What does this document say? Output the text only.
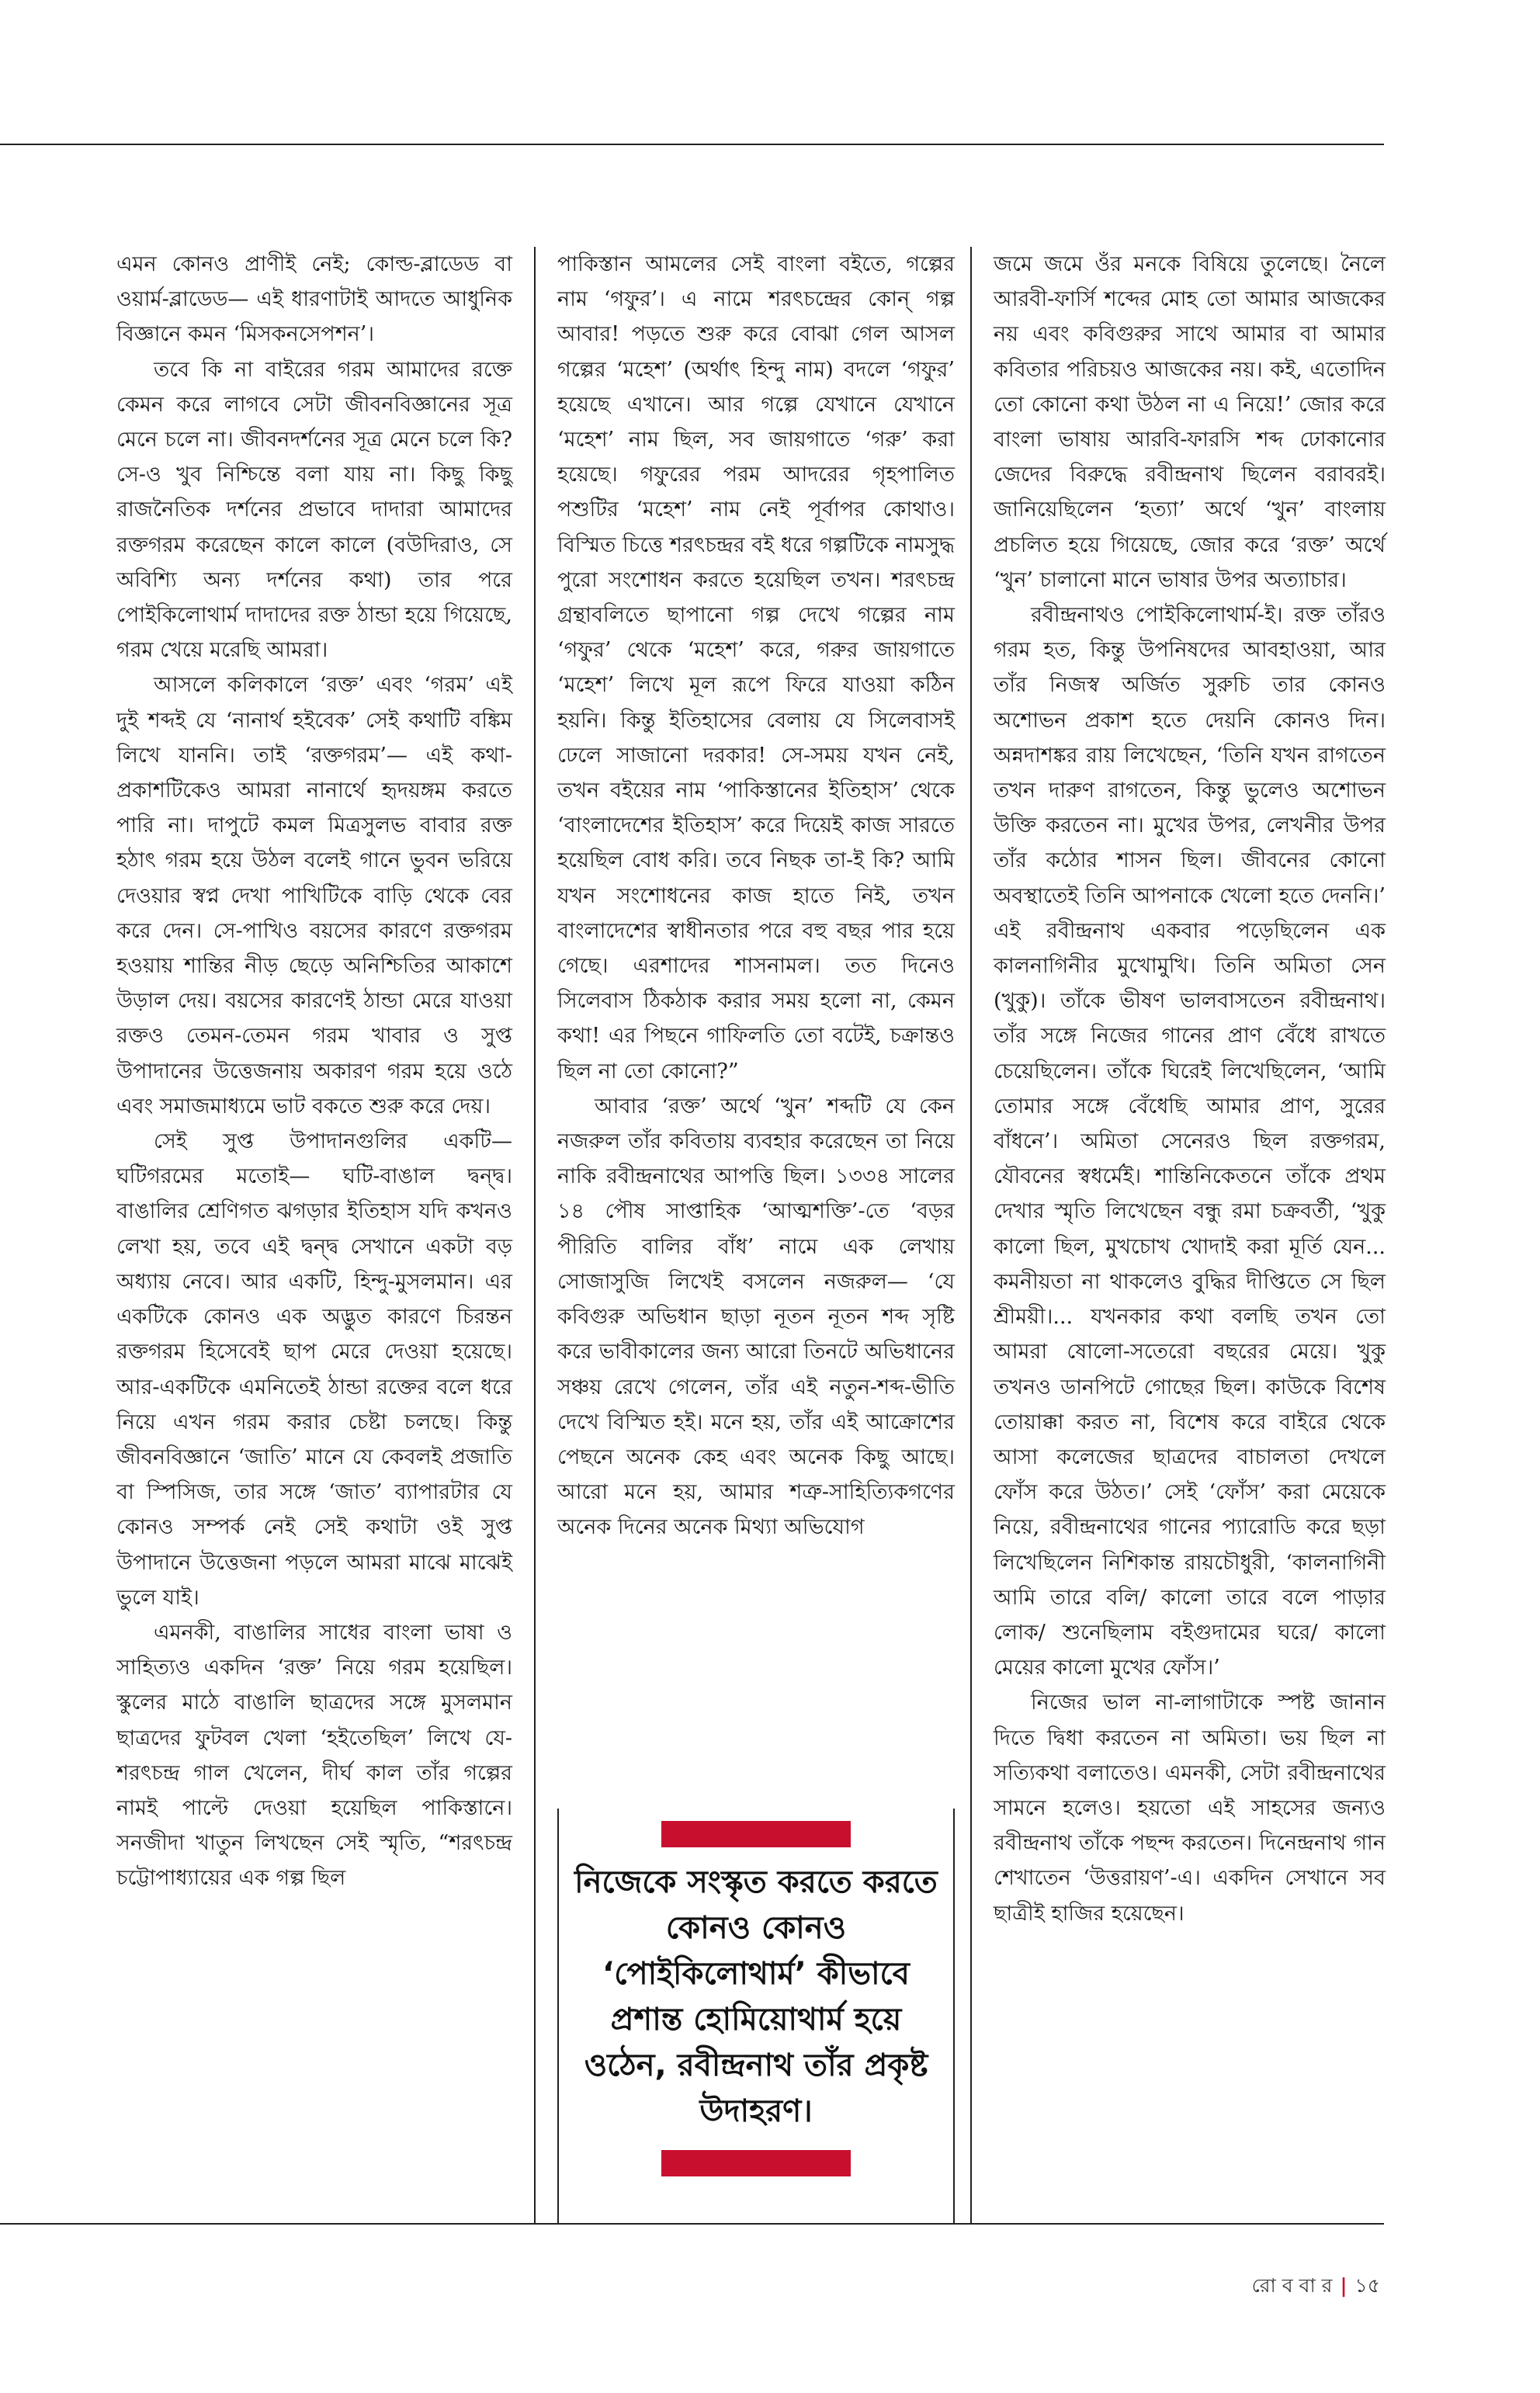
এমন কোনও প্রাণীই নেই; কোল্ড-ব্লাডেড বা ওয়ার্ম-ব্লাডেড— এই ধারণাটাই আদতে আধুনিক বিজ্ঞানে কমন ‘মিসকনসেপশন’।

তবে কি না বাইরের গরম আমাদের রক্তে কেমন করে লাগবে সেটা জীবনবিজ্ঞানের সূত্র মেনে চলে না। জীবনদর্শনের সূত্র মেনে চলে কি? সে-ও খুব নিশ্চিন্তে বলা যায় না। কিছু কিছু রাজনৈতিক দর্শনের প্রভাবে দাদারা আমাদের রক্তগরম করেছেন কালে কালে (বউদিরাও, সে অবিশ্যি অন্য দর্শনের কথা) তার পরে পোইকিলোথার্ম দাদাদের রক্ত ঠান্ডা হয়ে গিয়েছে, গরম খেয়ে মরেছি আমরা।

আসলে কলিকালে ‘রক্ত’ এবং ‘গরম’ এই দুই শব্দই যে ‘নানার্থ হইবেক’ সেই কথাটি বঙ্কিম লিখে যাননি। তাই ‘রক্তগরম’— এই কথা-প্রকাশটিকেও আমরা নানার্থে হৃদয়ঙ্গম করতে পারি না। দাপুটে কমল মিত্রসুলভ বাবার রক্ত হঠাৎ গরম হয়ে উঠল বলেই গানে ভুবন ভরিয়ে দেওয়ার স্বপ্ন দেখা পাখিটিকে বাড়ি থেকে বের করে দেন। সে-পাখিও বয়সের কারণে রক্তগরম হওয়ায় শান্তির নীড় ছেড়ে অনিশ্চিতির আকাশে উড়াল দেয়। বয়সের কারণেই ঠান্ডা মেরে যাওয়া রক্তও তেমন-তেমন গরম খাবার ও সুপ্ত উপাদানের উত্তেজনায় অকারণ গরম হয়ে ওঠে এবং সমাজমাধ্যমে ভাট বকতে শুরু করে দেয়।

সেই সুপ্ত উপাদানগুলির একটি— ঘটিগরমের মতোই— ঘটি-বাঙাল দ্বন্দ্ব। বাঙালির শ্রেণিগত ঝগড়ার ইতিহাস যদি কখনও লেখা হয়, তবে এই দ্বন্দ্ব সেখানে একটা বড় অধ্যায় নেবে। আর একটি, হিন্দু-মুসলমান। এর একটিকে কোনও এক অদ্ভুত কারণে চিরন্তন রক্তগরম হিসেবেই ছাপ মেরে দেওয়া হয়েছে। আর-একটিকে এমনিতেই ঠান্ডা রক্তের বলে ধরে নিয়ে এখন গরম করার চেষ্টা চলছে। কিন্তু জীবনবিজ্ঞানে ‘জাতি’ মানে যে কেবলই প্রজাতি বা স্পিসিজ, তার সঙ্গে ‘জাত’ ব্যাপারটার যে কোনও সম্পর্ক নেই সেই কথাটা ওই সুপ্ত উপাদানে উত্তেজনা পড়লে আমরা মাঝে মাঝেই ভুলে যাই।

এমনকী, বাঙালির সাধের বাংলা ভাষা ও সাহিত্যও একদিন ‘রক্ত’ নিয়ে গরম হয়েছিল। স্কুলের মাঠে বাঙালি ছাত্রদের সঙ্গে মুসলমান ছাত্রদের ফুটবল খেলা ‘হইতেছিল’ লিখে যে-শরৎচন্দ্র গাল খেলেন, দীর্ঘ কাল তাঁর গল্পের নামই পাল্টে দেওয়া হয়েছিল পাকিস্তানে। সনজীদা খাতুন লিখছেন সেই স্মৃতি, “শরৎচন্দ্র চট্টোপাধ্যায়ের এক গল্প ছিল

পাকিস্তান আমলের সেই বাংলা বইতে, গল্পের নাম ‘গফুর’। এ নামে শরৎচন্দ্রের কোন্ গল্প আবার! পড়তে শুরু করে বোঝা গেল আসল গল্পের ‘মহেশ’ (অর্থাৎ হিন্দু নাম) বদলে ‘গফুর’ হয়েছে এখানে। আর গল্পে যেখানে যেখানে ‘মহেশ’ নাম ছিল, সব জায়গাতে ‘গরু’ করা হয়েছে। গফুরের পরম আদরের গৃহপালিত পশুটির ‘মহেশ’ নাম নেই পূর্বাপর কোথাও। বিস্মিত চিত্তে শরৎচন্দ্রর বই ধরে গল্পটিকে নামসুদ্ধ পুরো সংশোধন করতে হয়েছিল তখন। শরৎচন্দ্র গ্রন্থাবলিতে ছাপানো গল্প দেখে গল্পের নাম ‘গফুর’ থেকে ‘মহেশ’ করে, গরুর জায়গাতে ‘মহেশ’ লিখে মূল রূপে ফিরে যাওয়া কঠিন হয়নি। কিন্তু ইতিহাসের বেলায় যে সিলেবাসই ঢেলে সাজানো দরকার! সে-সময় যখন নেই, তখন বইয়ের নাম ‘পাকিস্তানের ইতিহাস’ থেকে ‘বাংলাদেশের ইতিহাস’ করে দিয়েই কাজ সারতে হয়েছিল বোধ করি। তবে নিছক তা-ই কি? আমি যখন সংশোধনের কাজ হাতে নিই, তখন বাংলাদেশের স্বাধীনতার পরে বহু বছর পার হয়ে গেছে। এরশাদের শাসনামল। তত দিনেও সিলেবাস ঠিকঠাক করার সময় হলো না, কেমন কথা! এর পিছনে গাফিলতি তো বটেই, চক্রান্তও ছিল না তো কোনো?”

আবার ‘রক্ত’ অর্থে ‘খুন’ শব্দটি যে কেন নজরুল তাঁর কবিতায় ব্যবহার করেছেন তা নিয়ে নাকি রবীন্দ্রনাথের আপত্তি ছিল। ১৩৩৪ সালের ১৪ পৌষ সাপ্তাহিক ‘আত্মশক্তি’-তে ‘বড়র পীরিতি বালির বাঁধ’ নামে এক লেখায় সোজাসুজি লিখেই বসলেন নজরুল— ‘যে কবিগুরু অভিধান ছাড়া নূতন নূতন শব্দ সৃষ্টি করে ভাবীকালের জন্য আরো তিনটে অভিধানের সঞ্চয় রেখে গেলেন, তাঁর এই নতুন-শব্দ-ভীতি দেখে বিস্মিত হই। মনে হয়, তাঁর এই আক্রোশের পেছনে অনেক কেহ এবং অনেক কিছু আছে। আরো মনে হয়, আমার শত্রু-সাহিত্যিকগণের অনেক দিনের অনেক মিথ্যা অভিযোগ

নিজেকে সংস্কৃত করতে করতে কোনও কোনও ‘পোইকিলোথার্ম’ কীভাবে প্রশান্ত হোমিয়োথার্ম হয়ে ওঠেন, রবীন্দ্রনাথ তাঁর প্রকৃষ্ট উদাহরণ।

জমে জমে ওঁর মনকে বিষিয়ে তুলেছে। নৈলে আরবী-ফার্সি শব্দের মোহ তো আমার আজকের নয় এবং কবিগুরুর সাথে আমার বা আমার কবিতার পরিচয়ও আজকের নয়। কই, এতোদিন তো কোনো কথা উঠল না এ নিয়ে!’ জোর করে বাংলা ভাষায় আরবি-ফারসি শব্দ ঢোকানোর জেদের বিরুদ্ধে রবীন্দ্রনাথ ছিলেন বরাবরই। জানিয়েছিলেন ‘হত্যা’ অর্থে ‘খুন’ বাংলায় প্রচলিত হয়ে গিয়েছে, জোর করে ‘রক্ত’ অর্থে ‘খুন’ চালানো মানে ভাষার উপর অত্যাচার।

রবীন্দ্রনাথও পোইকিলোথার্ম-ই। রক্ত তাঁরও গরম হত, কিন্তু উপনিষদের আবহাওয়া, আর তাঁর নিজস্ব অর্জিত সুরুচি তার কোনও অশোভন প্রকাশ হতে দেয়নি কোনও দিন। অন্নদাশঙ্কর রায় লিখেছেন, ‘তিনি যখন রাগতেন তখন দারুণ রাগতেন, কিন্তু ভুলেও অশোভন উক্তি করতেন না। মুখের উপর, লেখনীর উপর তাঁর কঠোর শাসন ছিল। জীবনের কোনো অবস্থাতেই তিনি আপনাকে খেলো হতে দেননি।’ এই রবীন্দ্রনাথ একবার পড়েছিলেন এক কালনাগিনীর মুখোমুখি। তিনি অমিতা সেন (খুকু)। তাঁকে ভীষণ ভালবাসতেন রবীন্দ্রনাথ। তাঁর সঙ্গে নিজের গানের প্রাণ বেঁধে রাখতে চেয়েছিলেন। তাঁকে ঘিরেই লিখেছিলেন, ‘আমি তোমার সঙ্গে বেঁধেছি আমার প্রাণ, সুরের বাঁধনে’। অমিতা সেনেরও ছিল রক্তগরম, যৌবনের স্বধর্মেই। শান্তিনিকেতনে তাঁকে প্রথম দেখার স্মৃতি লিখেছেন বন্ধু রমা চক্রবর্তী, ‘খুকু কালো ছিল, মুখচোখ খোদাই করা মূর্তি যেন... কমনীয়তা না থাকলেও বুদ্ধির দীপ্তিতে সে ছিল শ্রীময়ী।... যখনকার কথা বলছি তখন তো আমরা ষোলো-সতেরো বছরের মেয়ে। খুকু তখনও ডানপিটে গোছের ছিল। কাউকে বিশেষ তোয়াক্কা করত না, বিশেষ করে বাইরে থেকে আসা কলেজের ছাত্রদের বাচালতা দেখলে ফোঁস করে উঠত।’ সেই ‘ফোঁস’ করা মেয়েকে নিয়ে, রবীন্দ্রনাথের গানের প্যারোডি করে ছড়া লিখেছিলেন নিশিকান্ত রায়চৌধুরী, ‘কালনাগিনী আমি তারে বলি/ কালো তারে বলে পাড়ার লোক/ শুনেছিলাম বইগুদামের ঘরে/ কালো মেয়ের কালো মুখের ফোঁস।’

নিজের ভাল না-লাগাটাকে স্পষ্ট জানান দিতে দ্বিধা করতেন না অমিতা। ভয় ছিল না সত্যিকথা বলাতেও। এমনকী, সেটা রবীন্দ্রনাথের সামনে হলেও। হয়তো এই সাহসের জন্যও রবীন্দ্রনাথ তাঁকে পছন্দ করতেন। দিনেন্দ্রনাথ গান শেখাতেন ‘উত্তরায়ণ’-এ। একদিন সেখানে সব ছাত্রীই হাজির হয়েছেন।

রো ব বা র | ১৫
